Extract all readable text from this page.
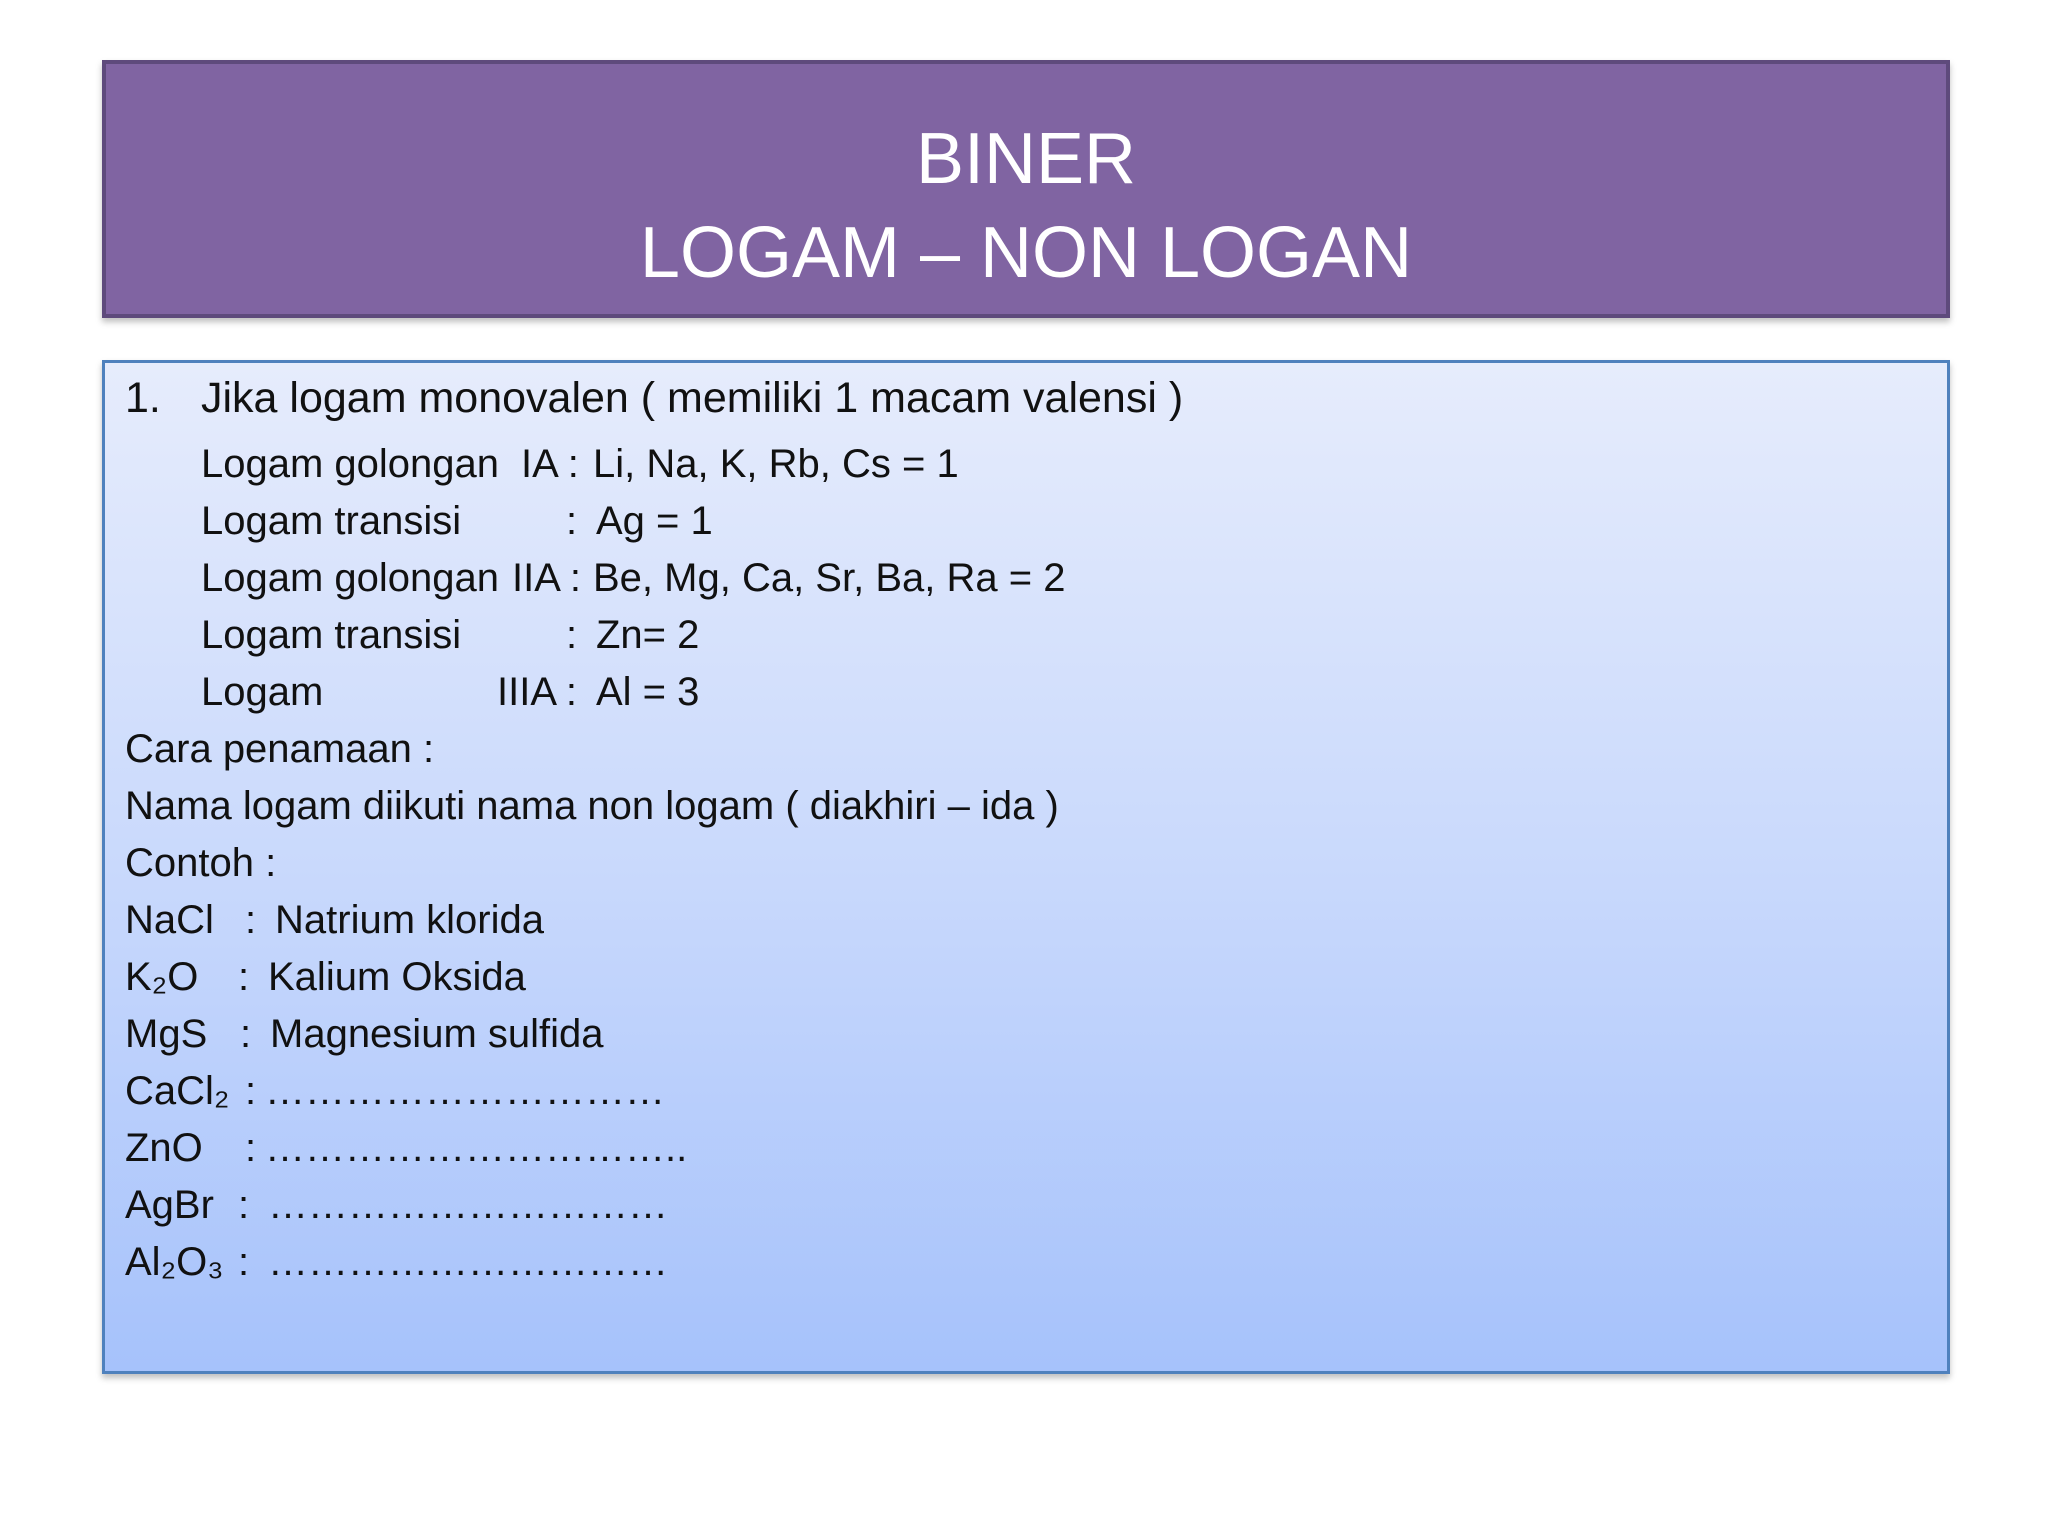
BINER
LOGAM – NON LOGAN
1. Jika logam monovalen ( memiliki 1 macam valensi )
Logam golongan IA : Li, Na, K, Rb, Cs = 1
Logam transisi	: Ag = 1
Logam golongan IIA : Be, Mg, Ca, Sr, Ba, Ra = 2
Logam transisi	: Zn= 2
Logam	IIIA : Al = 3
Cara penamaan :
Nama logam diikuti nama non logam ( diakhiri – ida )
Contoh :
NaCl : Natrium klorida
K₂O : Kalium Oksida
MgS : Magnesium sulfida
CaCl₂ : …………………………
ZnO : …………………………..
AgBr : …………………………
Al₂O₃ : …………………………
